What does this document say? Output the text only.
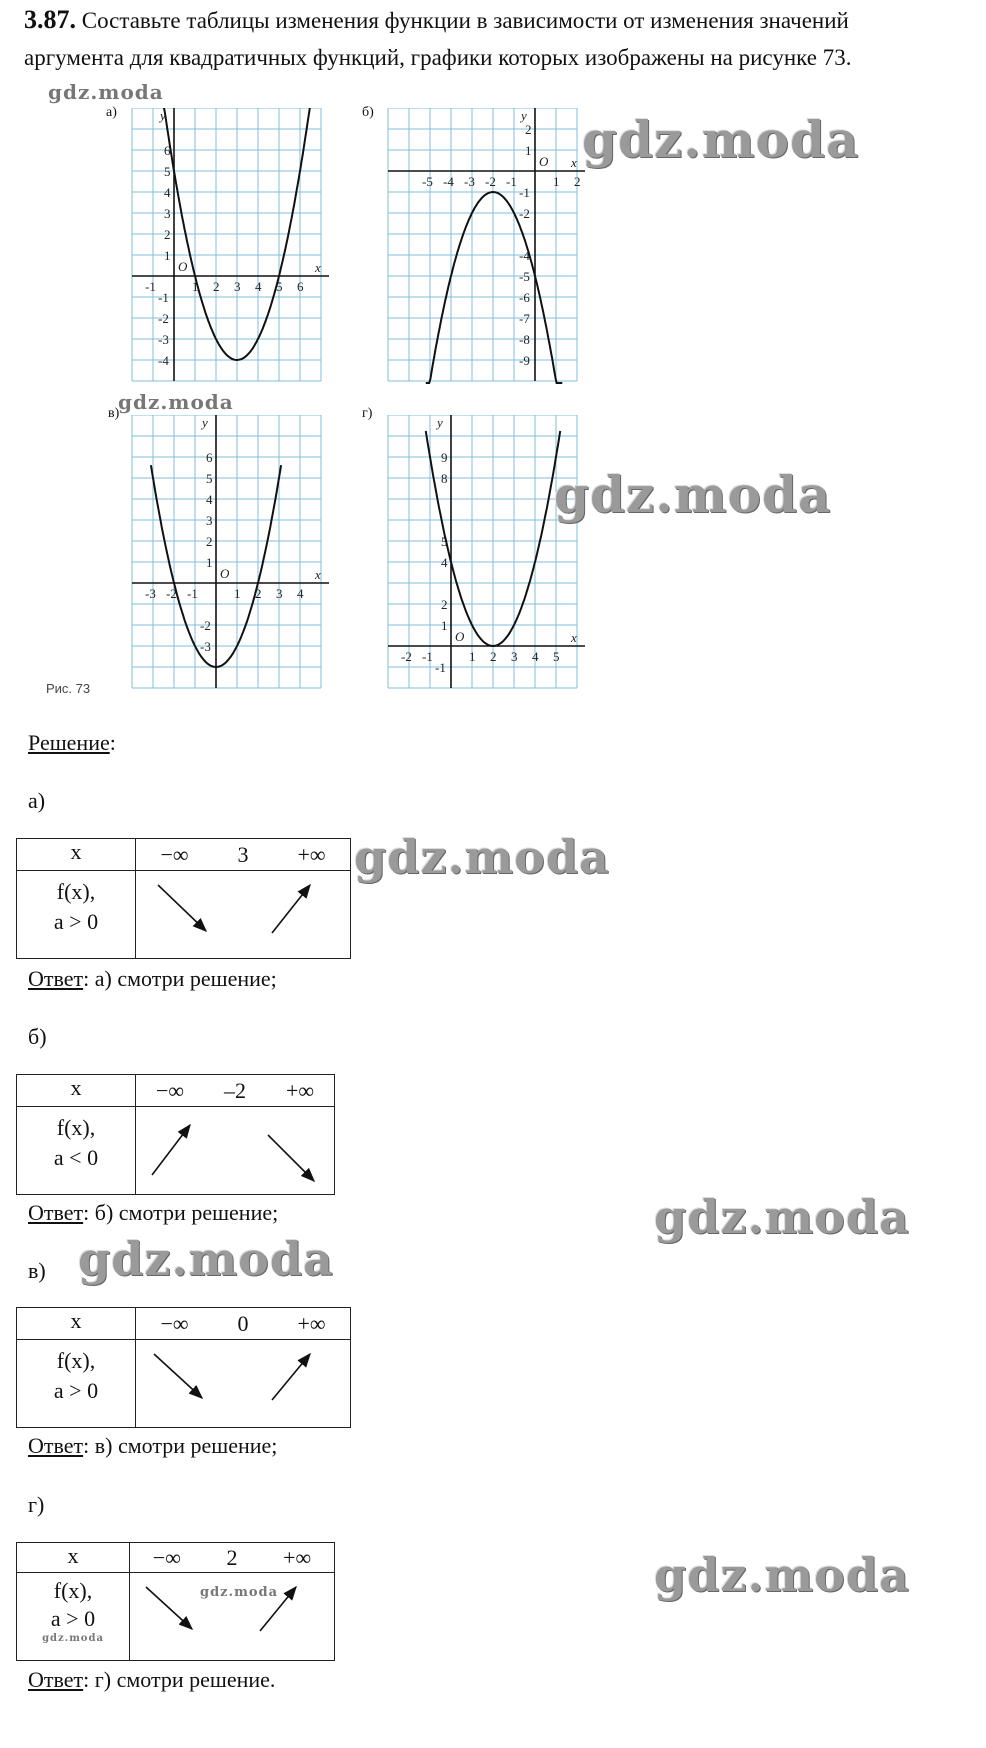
3.87. Составьте таблицы изменения функции в зависимости от изменения значений
аргумента для квадратичных функций, графики которых изображены на рисунке 73.
x
y
O
-1	1 2 3 4 5 6
6
5
4
3
2
1
-1
-2
-3
-4
а)
x
y
O
-5 -4 -3 -2 -1	1 2
2
1
-1
-2
-4
-5
-6
-7
-8
-9
б)
x
y
O
-3 -2 -1	1 2 3 4
6
5
4
3
2
1
-2
-3
в)
x
y
O
-2 -1	1 2 3 4 5
9
8
5
4
2
1
-1
г)
Рис. 73
Решение:
а)
x	−∞ 3 +∞

f(x),
a > 0

Ответ: а) смотри решение;
б)
x	−∞ –2 +∞

f(x),
a < 0

Ответ: б) смотри решение;
в)
x	−∞ 0 +∞

f(x),
a > 0

Ответ: в) смотри решение;
г)
x	−∞ 2 +∞

f(x),
a > 0
gdz.moda	gdz.moda
Ответ: г) смотри решение.
gdz.moda
gdz.moda
gdz.moda
gdz.moda
gdz.moda
gdz.moda
gdz.moda
gdz.moda
